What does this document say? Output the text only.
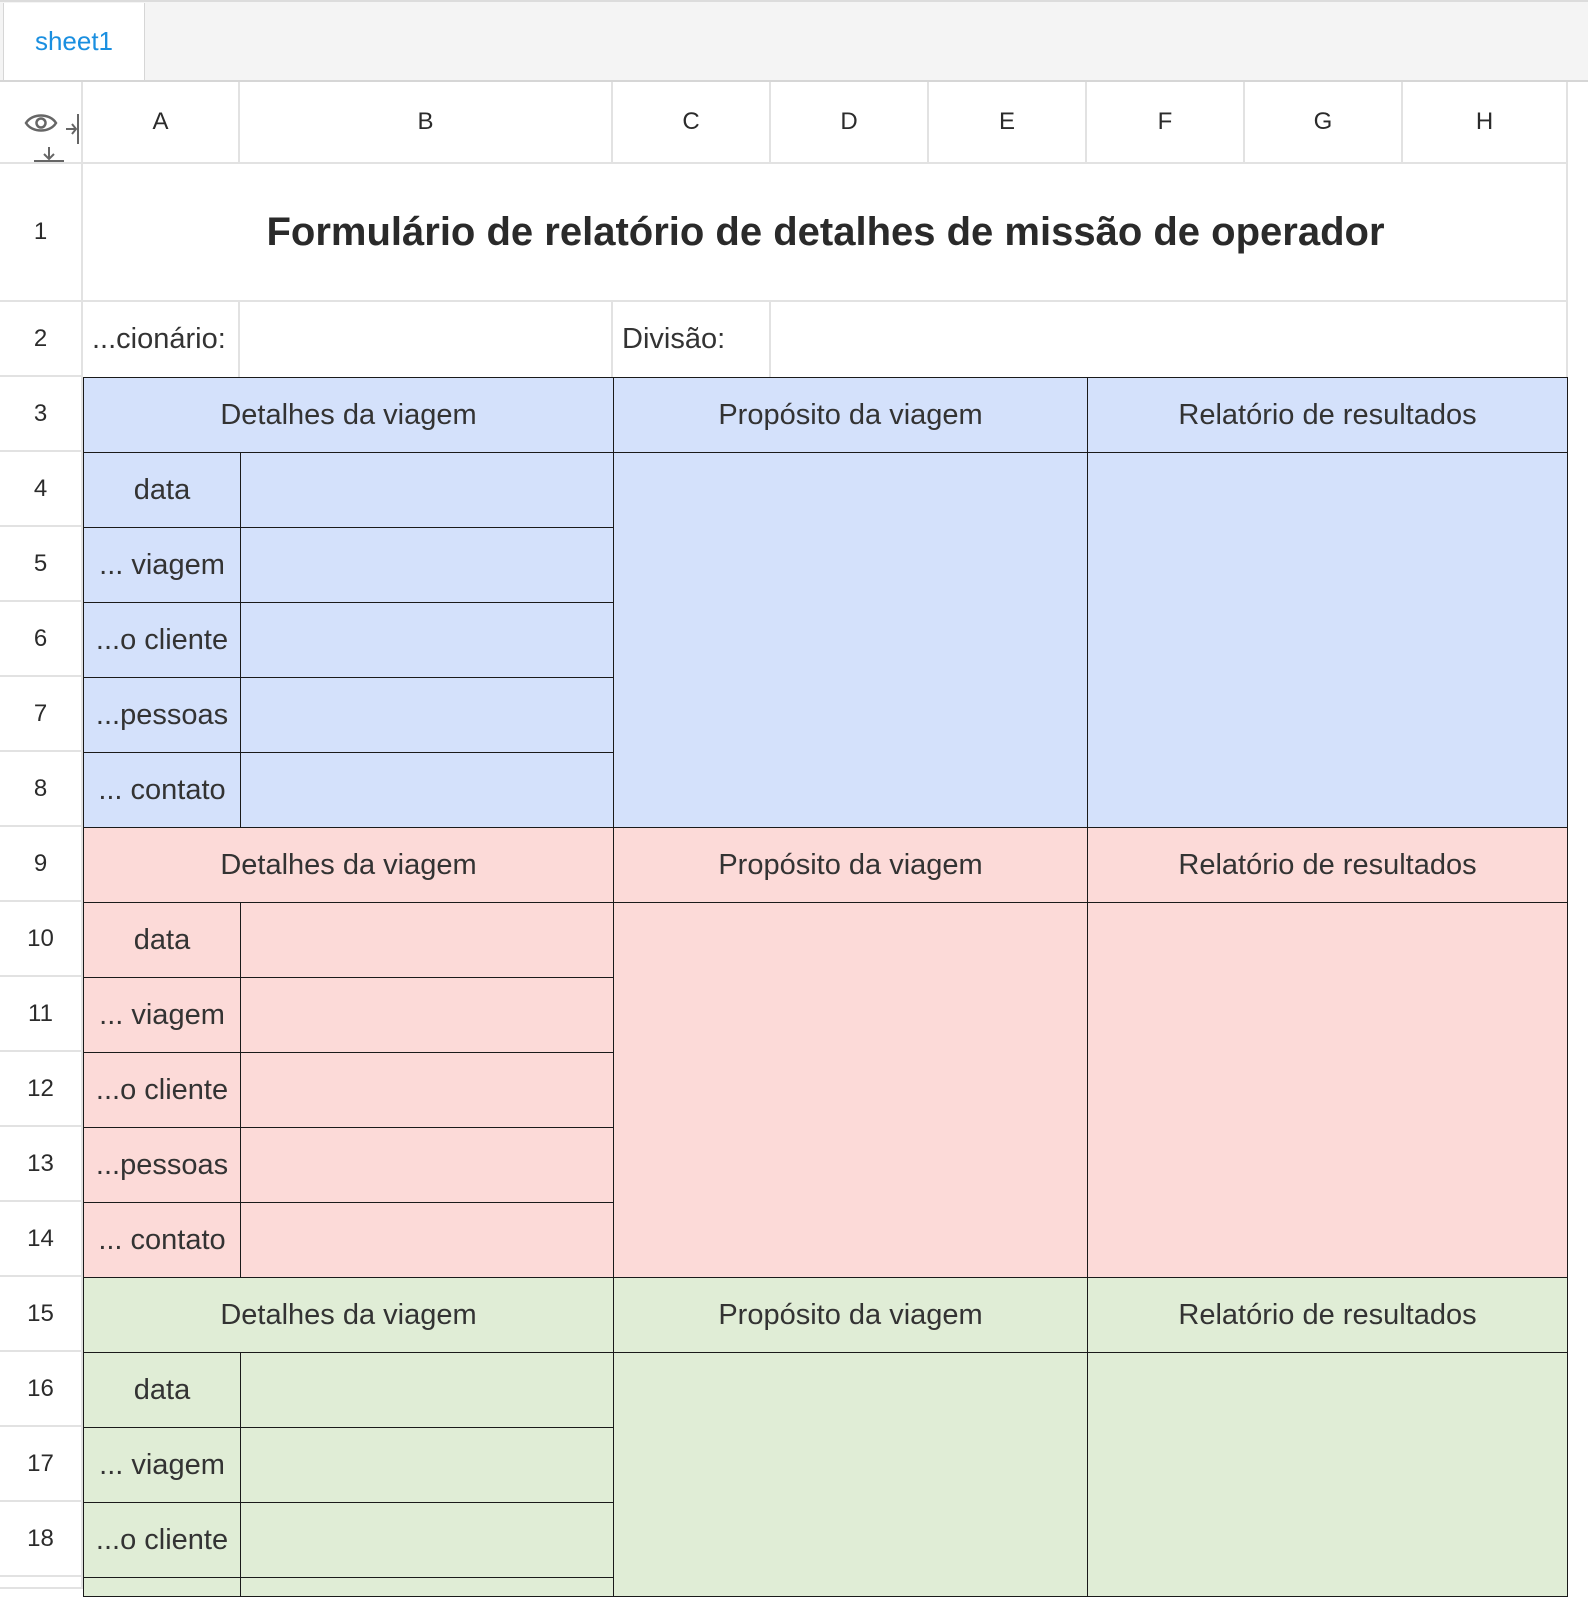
sheet1
A	B	C	D	E	F	G	H
1
2
3
4
5
6
7
8
9
10
11
12
13
14
15
16
17
18
Formulário de relatório de detalhes de missão de operador
...cionário:	Divisão:
Detalhes da viagem	Propósito da viagem	Relatório de resultados
data
... viagem
...o cliente
...pessoas
... contato
Detalhes da viagem	Propósito da viagem	Relatório de resultados
data
... viagem
...o cliente
...pessoas
... contato
Detalhes da viagem	Propósito da viagem	Relatório de resultados
data
... viagem
...o cliente
